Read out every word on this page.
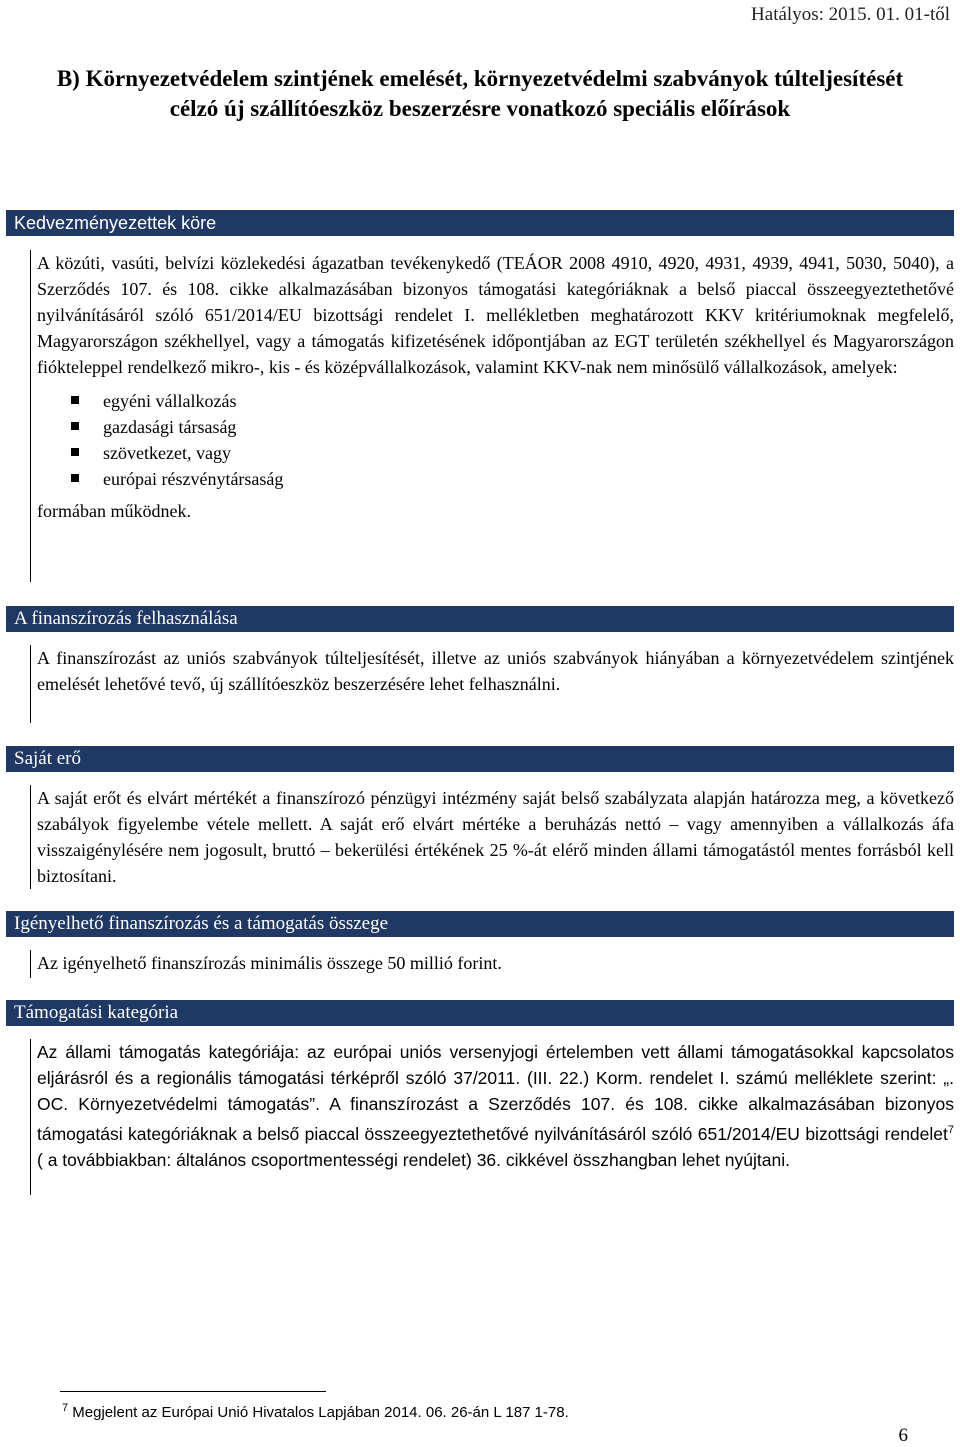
Hatályos: 2015. 01. 01-től
B) Környezetvédelem szintjének emelését, környezetvédelmi szabványok túlteljesítését célzó új szállítóeszköz beszerzésre vonatkozó speciális előírások
Kedvezményezettek köre

A közúti, vasúti, belvízi közlekedési ágazatban tevékenykedő (TEÁOR 2008 4910, 4920, 4931, 4939, 4941, 5030, 5040), a Szerződés 107. és 108. cikke alkalmazásában bizonyos támogatási kategóriáknak a belső piaccal összeegyeztethetővé nyilvánításáról szóló 651/2014/EU bizottsági rendelet I. mellékletben meghatározott KKV kritériumoknak megfelelő, Magyarországon székhellyel, vagy a támogatás kifizetésének időpontjában az EGT területén székhellyel és Magyarországon fiókteleppel rendelkező mikro-, kis - és középvállalkozások, valamint KKV-nak nem minősülő vállalkozások, amelyek:

egyéni vállalkozás
gazdasági társaság
szövetkezet, vagy
európai részvénytársaság

formában működnek.

A finanszírozás felhasználása

A finanszírozást az uniós szabványok túlteljesítését, illetve az uniós szabványok hiányában a környezetvédelem szintjének emelését lehetővé tevő, új szállítóeszköz beszerzésére lehet felhasználni.

Saját erő

A saját erőt és elvárt mértékét a finanszírozó pénzügyi intézmény saját belső szabályzata alapján határozza meg, a következő szabályok figyelembe vétele mellett. A saját erő elvárt mértéke a beruházás nettó – vagy amennyiben a vállalkozás áfa visszaigénylésére nem jogosult, bruttó – bekerülési értékének 25 %-át elérő minden állami támogatástól mentes forrásból kell biztosítani.

Igényelhető finanszírozás és a támogatás összege

Az igényelhető finanszírozás minimális összege 50 millió forint.

Támogatási kategória

Az állami támogatás kategóriája: az európai uniós versenyjogi értelemben vett állami támogatásokkal kapcsolatos eljárásról és a regionális támogatási térképről szóló 37/2011. (III. 22.) Korm. rendelet I. számú melléklete szerint: „. OC. Környezetvédelmi támogatás”. A finanszírozást a Szerződés 107. és 108. cikke alkalmazásában bizonyos támogatási kategóriáknak a belső piaccal összeegyeztethetővé nyilvánításáról szóló 651/2014/EU bizottsági rendelet$^7$ ( a továbbiakban: általános csoportmentességi rendelet) 36. cikkével összhangban lehet nyújtani.

$^7$ Megjelent az Európai Unió Hivatalos Lapjában 2014. 06. 26-án L 187 1-78.
6
